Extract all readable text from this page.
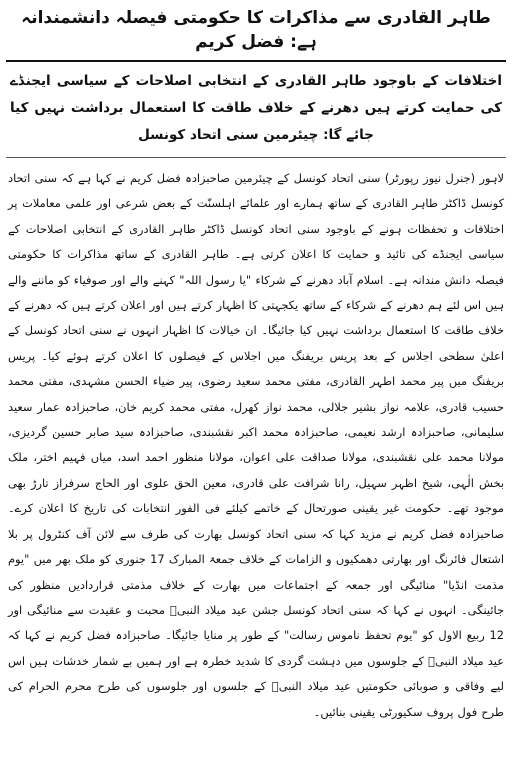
طاہر القادری سے مذاکرات کا حکومتی فیصلہ دانشمندانہ ہے: فضل کریم
اختلافات کے باوجود طاہر القادری کے انتخابی اصلاحات کے سیاسی ایجنڈے کی حمایت کرتے ہیں دھرنے کے خلاف طاقت کا استعمال برداشت نہیں کیا جائے گا: چیئرمین سنی اتحاد کونسل

لاہور (جنرل نیوز رپورٹر) سنی اتحاد کونسل کے چیئرمین صاحبزادہ فضل کریم نے کہا ہے کہ سنی اتحاد کونسل ڈاکٹر طاہر القادری کے ساتھ ہمارے اور علمائے اہلسنّت کے بعض شرعی اور علمی معاملات پر اختلافات و تحفظات ہونے کے باوجود سنی اتحاد کونسل ڈاکٹر طاہر القادری کے انتخابی اصلاحات کے سیاسی ایجنڈے کی تائید و حمایت کا اعلان کرتی ہے۔ طاہر القادری کے ساتھ مذاکرات کا حکومتی فیصلہ دانش مندانہ ہے۔ اسلام آباد دھرنے کے شرکاء "یا رسول اللہ" کہنے والے اور صوفیاء کو ماننے والے ہیں اس لئے ہم دھرنے کے شرکاء کے ساتھ یکجہتی کا اظہار کرتے ہیں اور اعلان کرتے ہیں کہ دھرنے کے خلاف طاقت کا استعمال برداشت نہیں کیا جائیگا۔ ان خیالات کا اظہار انہوں نے سنی اتحاد کونسل کے اعلیٰ سطحی اجلاس کے بعد پریس بریفنگ میں اجلاس کے فیصلوں کا اعلان کرتے ہوئے کیا۔ پریس بریفنگ میں پیر محمد اطہر القادری، مفتی محمد سعید رضوی، پیر ضیاء الحسن مشہدی، مفتی محمد حسیب قادری، علامہ نواز بشیر جلالی، محمد نواز کھرل، مفتی محمد کریم خان، صاحبزادہ عمار سعید سلیمانی، صاحبزادہ ارشد نعیمی، صاحبزادہ محمد اکبر نقشبندی، صاحبزادہ سید صابر حسین گردیزی، مولانا محمد علی نقشبندی، مولانا صداقت علی اعوان، مولانا منظور احمد اسد، میاں فہیم اختر، ملک بخش الٰہی، شیخ اظہر سہیل، رانا شرافت علی قادری، معین الحق علوی اور الحاج سرفراز تارڑ بھی موجود تھے۔ حکومت غیر یقینی صورتحال کے خاتمے کیلئے فی الفور انتخابات کی تاریخ کا اعلان کرے۔ صاحبزادہ فضل کریم نے مزید کہا کہ سنی اتحاد کونسل بھارت کی طرف سے لائن آف کنٹرول پر بلا اشتعال فائرنگ اور بھارتی دھمکیوں و الزامات کے خلاف جمعۃ المبارک 17 جنوری کو ملک بھر میں "یوم مذمت انڈیا" منائیگی اور جمعہ کے اجتماعات میں بھارت کے خلاف مذمتی قراردادیں منظور کی جائینگی۔ انہوں نے کہا کہ سنی اتحاد کونسل جشن عید میلاد النبیؐ محبت و عقیدت سے منائیگی اور 12 ربیع الاول کو "یوم تحفظ ناموس رسالت" کے طور پر منایا جائیگا۔ صاحبزادہ فضل کریم نے کہا کہ عید میلاد النبیؐ کے جلوسوں میں دہشت گردی کا شدید خطرہ ہے اور ہمیں بے شمار خدشات ہیں اس لیے وفاقی و صوبائی حکومتیں عید میلاد النبیؐ کے جلسوں اور جلوسوں کی طرح محرم الحرام کی طرح فول پروف سکیورٹی یقینی بنائیں۔
